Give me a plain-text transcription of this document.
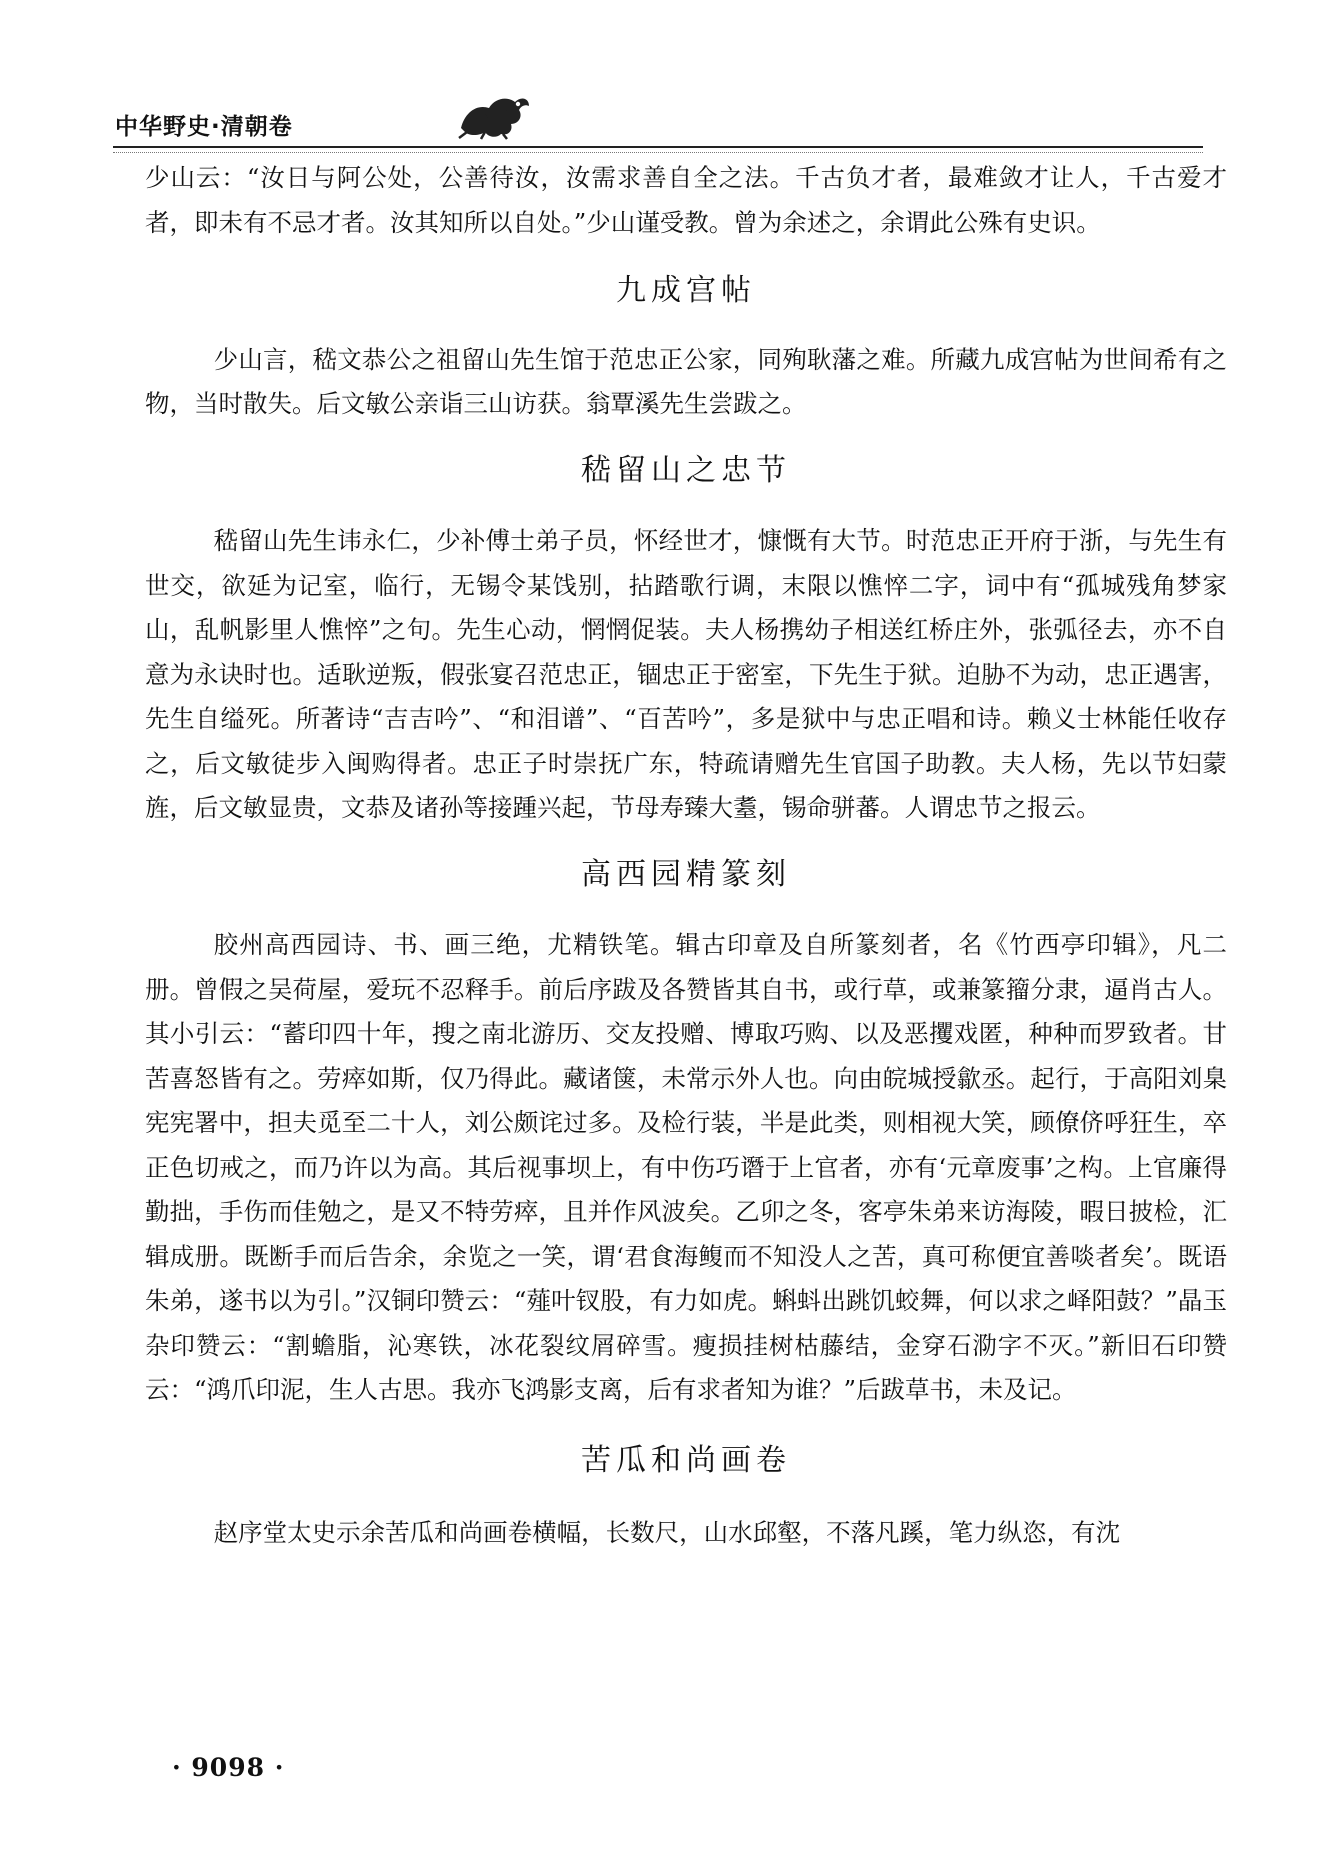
中华野史·清朝卷

少山云：“汝日与阿公处，公善待汝，汝需求善自全之法。千古负才者，最难敛才让人，千古爱才者，即未有不忌才者。汝其知所以自处。”少山谨受教。曾为余述之，余谓此公殊有史识。

九成宫帖

少山言，嵇文恭公之祖留山先生馆于范忠正公家，同殉耿藩之难。所藏九成宫帖为世间希有之物，当时散失。后文敏公亲诣三山访获。翁覃溪先生尝跋之。

嵇留山之忠节

嵇留山先生讳永仁，少补傅士弟子员，怀经世才，慷慨有大节。时范忠正开府于浙，与先生有世交，欲延为记室，临行，无锡令某饯别，拈踏歌行调，末限以憔悴二字，词中有“孤城残角梦家山，乱帆影里人憔悴”之句。先生心动，惘惘促装。夫人杨携幼子相送红桥庄外，张弧径去，亦不自意为永诀时也。适耿逆叛，假张宴召范忠正，锢忠正于密室，下先生于狱。迫胁不为动，忠正遇害，先生自缢死。所著诗“吉吉吟”、“和泪谱”、“百苦吟”，多是狱中与忠正唱和诗。赖义士林能任收存之，后文敏徒步入闽购得者。忠正子时崇抚广东，特疏请赠先生官国子助教。夫人杨，先以节妇蒙旌，后文敏显贵，文恭及诸孙等接踵兴起，节母寿臻大耋，锡命骈蕃。人谓忠节之报云。

高西园精篆刻

胶州高西园诗、书、画三绝，尤精铁笔。辑古印章及自所篆刻者，名《竹西亭印辑》，凡二册。曾假之吴荷屋，爱玩不忍释手。前后序跋及各赞皆其自书，或行草，或兼篆籀分隶，逼肖古人。其小引云：“蓄印四十年，搜之南北游历、交友投赠、博取巧购、以及恶攫戏匿，种种而罗致者。甘苦喜怒皆有之。劳瘁如斯，仅乃得此。藏诸箧，未常示外人也。向由皖城授歙丞。起行，于高阳刘臬宪宪署中，担夫觅至二十人，刘公颇诧过多。及检行装，半是此类，则相视大笑，顾僚侪呼狂生，卒正色切戒之，而乃许以为高。其后视事坝上，有中伤巧谮于上官者，亦有‘元章废事’之构。上官廉得勤拙，手伤而佳勉之，是又不特劳瘁，且并作风波矣。乙卯之冬，客亭朱弟来访海陵，暇日披检，汇辑成册。既断手而后告余，余览之一笑，谓‘君食海鳆而不知没人之苦，真可称便宜善啖者矣’。既语朱弟，遂书以为引。”汉铜印赞云：“薤叶钗股，有力如虎。蝌蚪出跳饥蛟舞，何以求之峄阳鼓？”晶玉杂印赞云：“割蟾脂，沁寒铁，冰花裂纹屑碎雪。瘦损挂树枯藤结，金穿石泐字不灭。”新旧石印赞云：“鸿爪印泥，生人古思。我亦飞鸿影支离，后有求者知为谁？”后跋草书，未及记。

苦瓜和尚画卷

赵序堂太史示余苦瓜和尚画卷横幅，长数尺，山水邱壑，不落凡蹊，笔力纵恣，有沈

· 9098 ·
